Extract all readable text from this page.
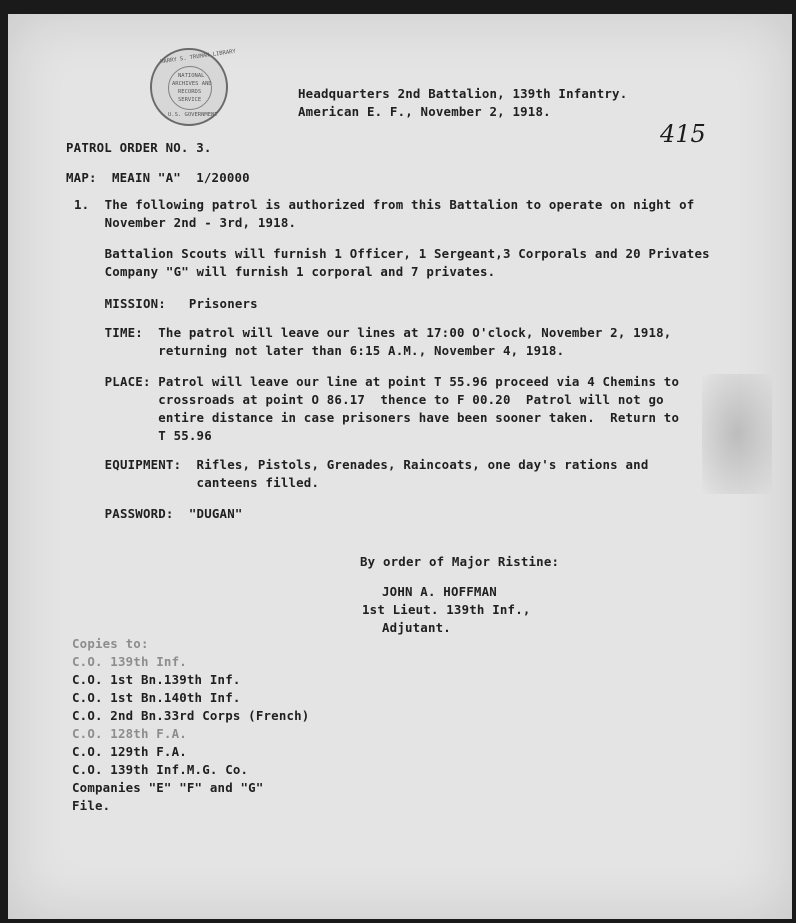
HARRY S. TRUMAN LIBRARY
NATIONAL
ARCHIVES AND
RECORDS
SERVICE
U.S. GOVERNMENT
Headquarters 2nd Battalion, 139th Infantry.
American E. F., November 2, 1918.
415
PATROL ORDER NO. 3.
MAP:  MEAIN "A"  1/20000
1.  The following patrol is authorized from this Battalion to operate on night of
November 2nd - 3rd, 1918.
Battalion Scouts will furnish 1 Officer, 1 Sergeant,3 Corporals and 20 Privates
Company "G" will furnish 1 corporal and 7 privates.
MISSION:   Prisoners
TIME:  The patrol will leave our lines at 17:00 O'clock, November 2, 1918,
returning not later than 6:15 A.M., November 4, 1918.
PLACE: Patrol will leave our line at point T 55.96 proceed via 4 Chemins to
crossroads at point O 86.17  thence to F 00.20  Patrol will not go
entire distance in case prisoners have been sooner taken.  Return to
T 55.96
EQUIPMENT:  Rifles, Pistols, Grenades, Raincoats, one day's rations and
canteens filled.
PASSWORD:  "DUGAN"
By order of Major Ristine:
JOHN A. HOFFMAN
1st Lieut. 139th Inf.,
Adjutant.
Copies to:
C.O. 139th Inf.
C.O. 1st Bn.139th Inf.
C.O. 1st Bn.140th Inf.
C.O. 2nd Bn.33rd Corps (French)
C.O. 128th F.A.
C.O. 129th F.A.
C.O. 139th Inf.M.G. Co.
Companies "E" "F" and "G"
File.
